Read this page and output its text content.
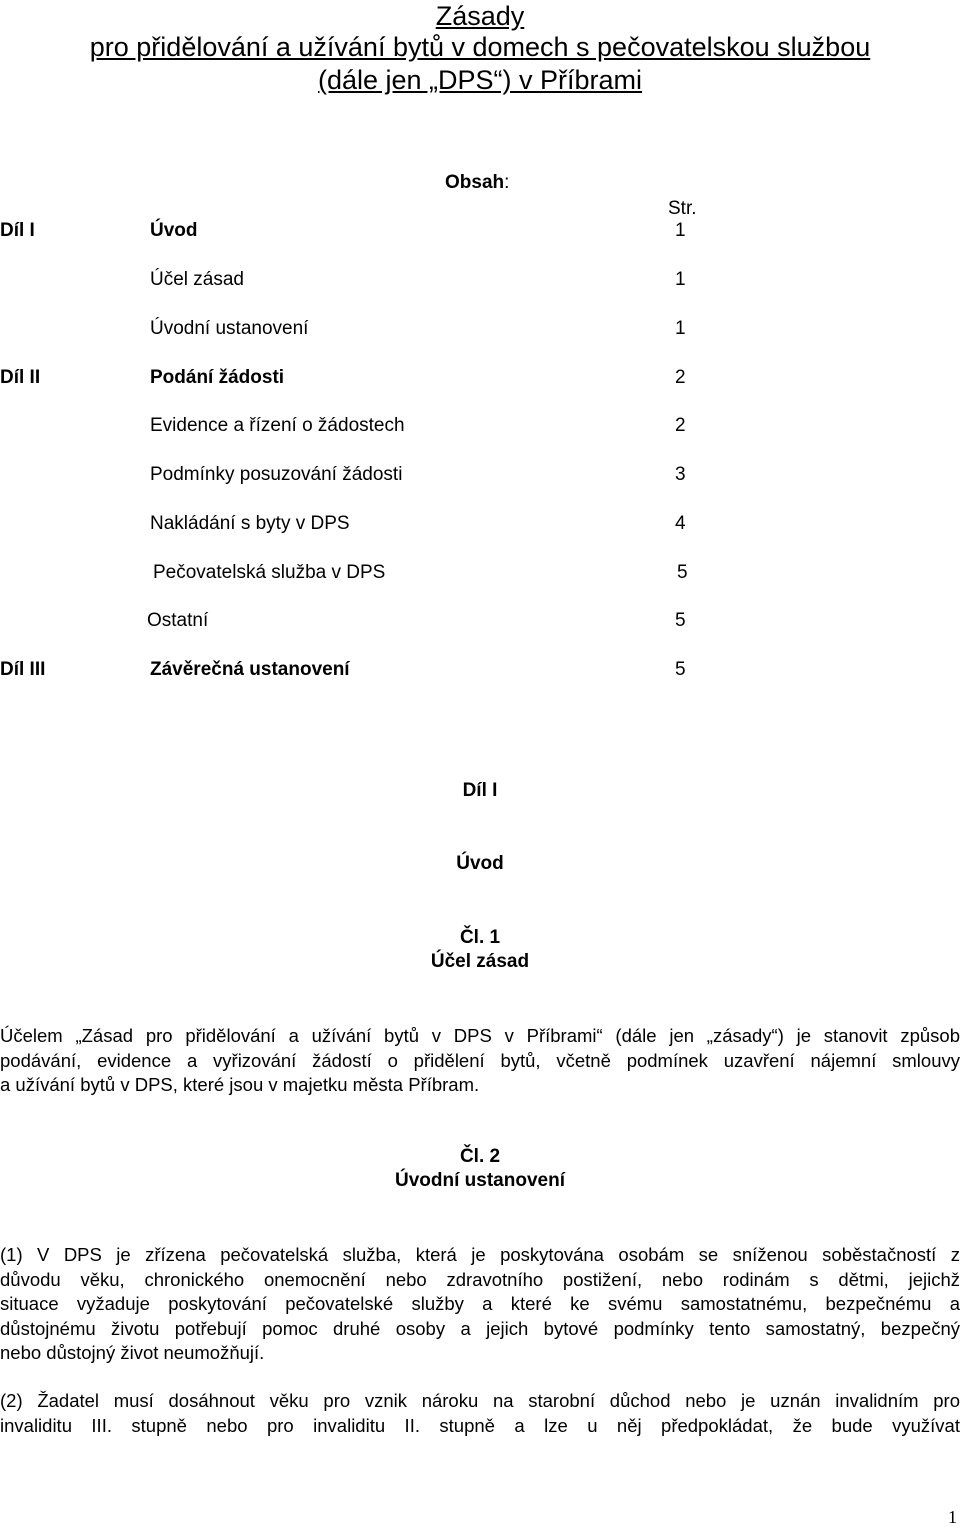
Zásady
pro přidělování a užívání bytů v domech s pečovatelskou službou
(dále jen „DPS“) v Příbrami
Obsah:
Str.
Díl I	Úvod	1
Účel zásad	1
Úvodní ustanovení	1
Díl II	Podání žádosti	2
Evidence a řízení o žádostech	2
Podmínky posuzování žádosti	3
Nakládání s byty v DPS	4
Pečovatelská služba v DPS	5
Ostatní	5
Díl III	Závěrečná ustanovení	5
Díl I
Úvod
Čl. 1
Účel zásad
Účelem „Zásad pro přidělování a užívání bytů v DPS v Příbrami“ (dále jen „zásady“) je stanovit způsob
podávání, evidence a vyřizování žádostí o přidělení bytů, včetně podmínek uzavření nájemní smlouvy
a užívání bytů v DPS, které jsou v majetku města Příbram.
Čl. 2
Úvodní ustanovení
(1) V DPS je zřízena pečovatelská služba, která je poskytována osobám se sníženou soběstačností z
důvodu věku, chronického onemocnění nebo zdravotního postižení, nebo rodinám s dětmi, jejichž
situace vyžaduje poskytování pečovatelské služby a které ke svému samostatnému, bezpečnému a
důstojnému životu potřebují pomoc druhé osoby a jejich bytové podmínky tento samostatný, bezpečný
nebo důstojný život neumožňují.
(2) Žadatel musí dosáhnout věku pro vznik nároku na starobní důchod nebo je uznán invalidním pro
invaliditu III. stupně nebo pro invaliditu II. stupně a lze u něj předpokládat, že bude využívat
1
